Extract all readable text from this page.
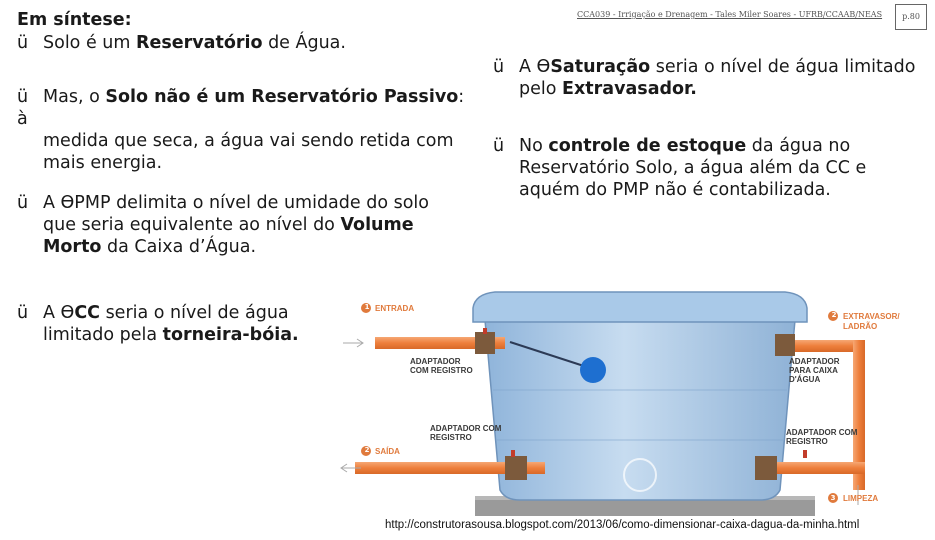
CCA039 - Irrigação e Drenagem - Tales Miler Soares - UFRB/CCAAB/NEAS	p.80
Em síntese:
ü Solo é um Reservatório de Água.
ü Mas, o Solo não é um Reservatório Passivo: à
medida que seca, a água vai sendo retida com
mais energia.
ü A ϴPMP delimita o nível de umidade do solo
que seria equivalente ao nível do Volume
Morto da Caixa d’Água.
ü A ϴCC seria o nível de água
limitado pela torneira-bóia.
ü A ϴSaturação seria o nível de água limitado
pelo Extravasador.
ü No controle de estoque da água no
Reservatório Solo, a água além da CC e
aquém do PMP não é contabilizada.
1 ENTRADA
2 SAÍDA
2 EXTRAVASOR/
LADRÃO
3 LIMPEZA
ADAPTADOR
COM REGISTRO
ADAPTADOR COM
REGISTRO
ADAPTADOR
PARA CAIXA
D'ÁGUA
ADAPTADOR COM
REGISTRO
http://construtorasousa.blogspot.com/2013/06/como-dimensionar-caixa-dagua-da-minha.html
